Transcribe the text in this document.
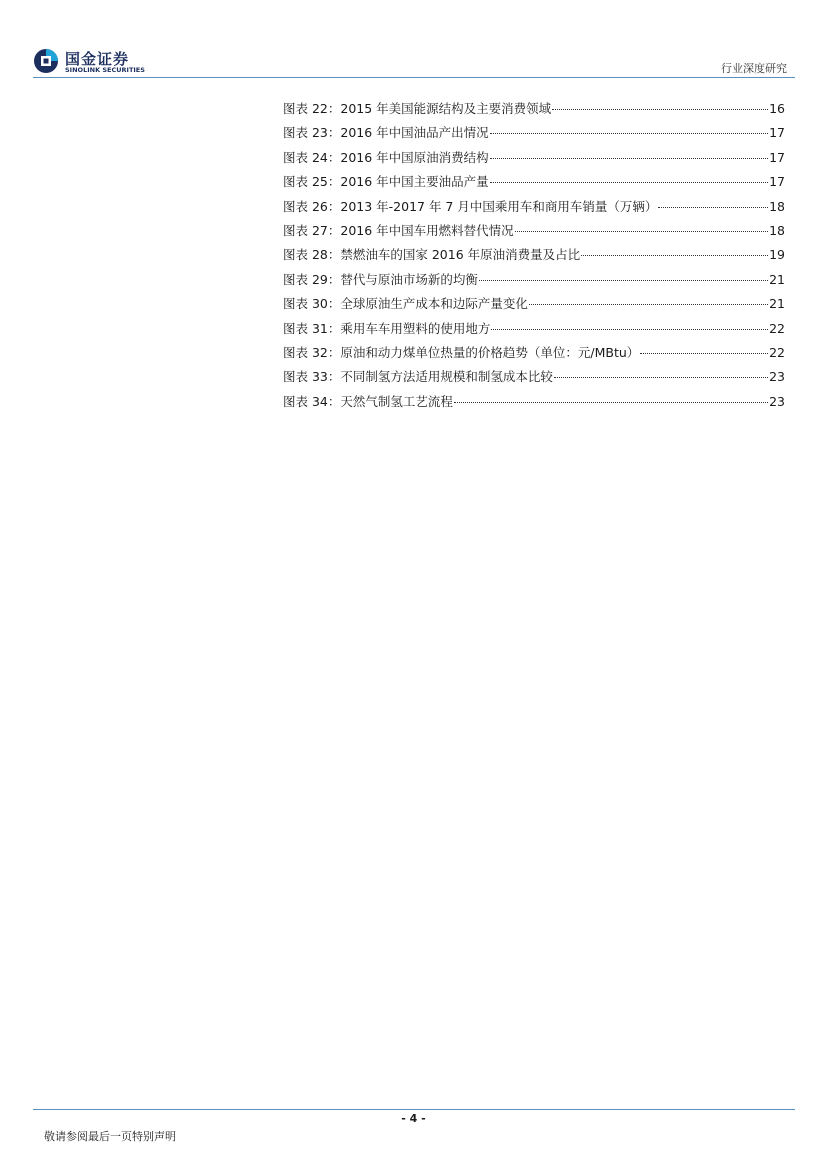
国金证券
SINOLINK SECURITIES	行业深度研究
图表 22：2015 年美国能源结构及主要消费领域	16
图表 23：2016 年中国油品产出情况	17
图表 24：2016 年中国原油消费结构	17
图表 25：2016 年中国主要油品产量	17
图表 26：2013 年-2017 年 7 月中国乘用车和商用车销量（万辆）	18
图表 27：2016 年中国车用燃料替代情况	18
图表 28：禁燃油车的国家 2016 年原油消费量及占比	19
图表 29：替代与原油市场新的均衡	21
图表 30：全球原油生产成本和边际产量变化	21
图表 31：乘用车车用塑料的使用地方	22
图表 32：原油和动力煤单位热量的价格趋势（单位：元/MBtu）	22
图表 33：不同制氢方法适用规模和制氢成本比较	23
图表 34：天然气制氢工艺流程	23
- 4 -
敬请参阅最后一页特别声明
